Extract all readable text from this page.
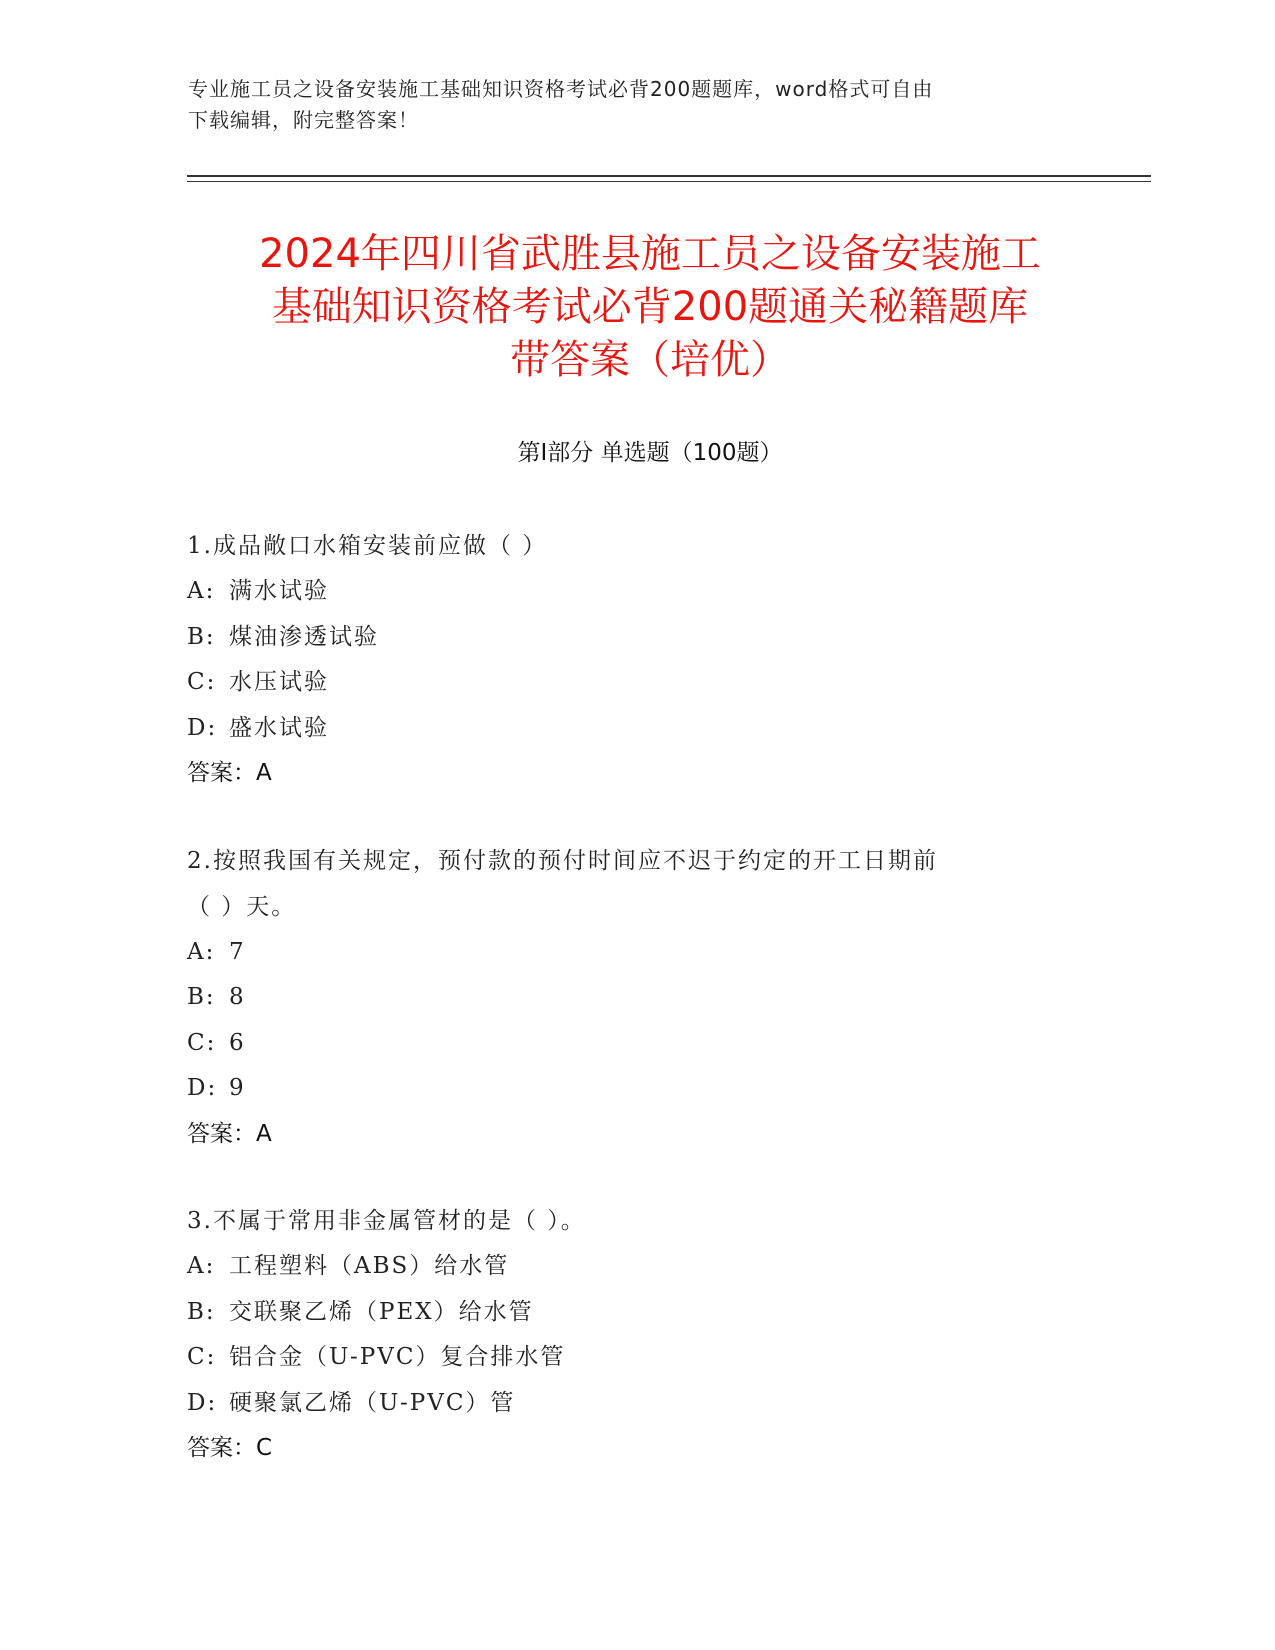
专业施工员之设备安装施工基础知识资格考试必背200题题库，word格式可自由
下载编辑，附完整答案！
2024年四川省武胜县施工员之设备安装施工
基础知识资格考试必背200题通关秘籍题库
带答案（培优）
第Ⅰ部分 单选题（100题）
1.成品敞口水箱安装前应做（ ）
A: 满水试验
B: 煤油渗透试验
C: 水压试验
D: 盛水试验
答案：A
2.按照我国有关规定，预付款的预付时间应不迟于约定的开工日期前
（ ）天。
A: 7
B: 8
C: 6
D: 9
答案：A
3.不属于常用非金属管材的是（ ）。
A: 工程塑料（ABS）给水管
B: 交联聚乙烯（PEX）给水管
C: 铝合金（U-PVC）复合排水管
D: 硬聚氯乙烯（U-PVC）管
答案：C
